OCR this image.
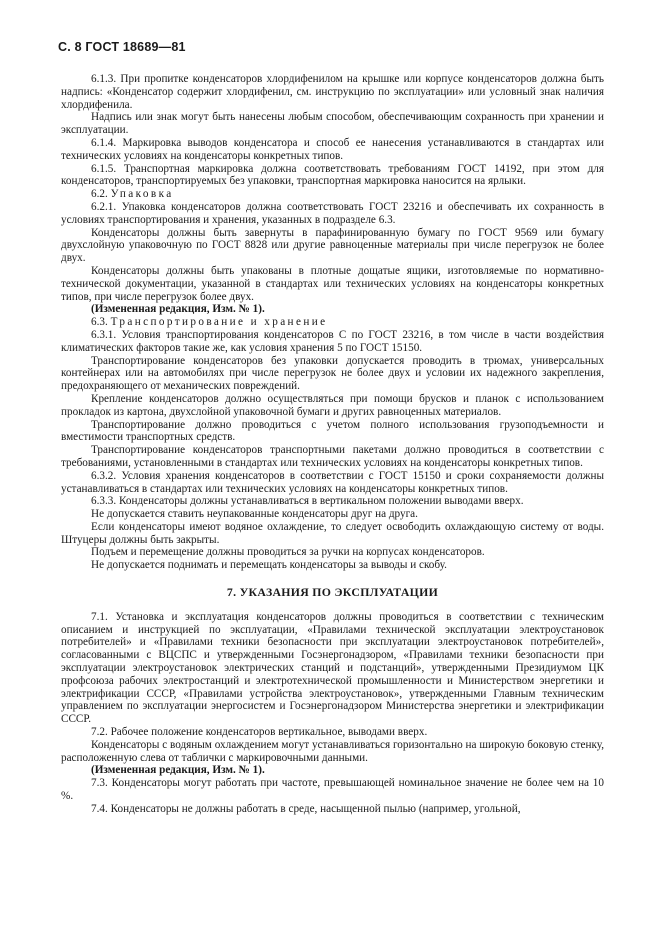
С. 8 ГОСТ 18689—81

6.1.3. При пропитке конденсаторов хлордифенилом на крышке или корпусе конденсаторов должна быть надпись: «Конденсатор содержит хлордифенил, см. инструкцию по эксплуатации» или условный знак наличия хлордифенила.

Надпись или знак могут быть нанесены любым способом, обеспечивающим сохранность при хранении и эксплуатации.

6.1.4. Маркировка выводов конденсатора и способ ее нанесения устанавливаются в стандартах или технических условиях на конденсаторы конкретных типов.

6.1.5. Транспортная маркировка должна соответствовать требованиям ГОСТ 14192, при этом для конденсаторов, транспортируемых без упаковки, транспортная маркировка наносится на ярлыки.

6.2. Упаковка

6.2.1. Упаковка конденсаторов должна соответствовать ГОСТ 23216 и обеспечивать их сохранность в условиях транспортирования и хранения, указанных в подразделе 6.3.

Конденсаторы должны быть завернуты в парафинированную бумагу по ГОСТ 9569 или бумагу двухслойную упаковочную по ГОСТ 8828 или другие равноценные материалы при числе перегрузок не более двух.

Конденсаторы должны быть упакованы в плотные дощатые ящики, изготовляемые по нормативно-технической документации, указанной в стандартах или технических условиях на конденсаторы конкретных типов, при числе перегрузок более двух.

(Измененная редакция, Изм. № 1).

6.3. Транспортирование и хранение

6.3.1. Условия транспортирования конденсаторов С по ГОСТ 23216, в том числе в части воздействия климатических факторов такие же, как условия хранения 5 по ГОСТ 15150.

Транспортирование конденсаторов без упаковки допускается проводить в трюмах, универсальных контейнерах или на автомобилях при числе перегрузок не более двух и условии их надежного закрепления, предохраняющего от механических повреждений.

Крепление конденсаторов должно осуществляться при помощи брусков и планок с использованием прокладок из картона, двухслойной упаковочной бумаги и других равноценных материалов.

Транспортирование должно проводиться с учетом полного использования грузоподъемности и вместимости транспортных средств.

Транспортирование конденсаторов транспортными пакетами должно проводиться в соответствии с требованиями, установленными в стандартах или технических условиях на конденсаторы конкретных типов.

6.3.2. Условия хранения конденсаторов в соответствии с ГОСТ 15150 и сроки сохраняемости должны устанавливаться в стандартах или технических условиях на конденсаторы конкретных типов.

6.3.3. Конденсаторы должны устанавливаться в вертикальном положении выводами вверх.

Не допускается ставить неупакованные конденсаторы друг на друга.

Если конденсаторы имеют водяное охлаждение, то следует освободить охлаждающую систему от воды. Штуцеры должны быть закрыты.

Подъем и перемещение должны проводиться за ручки на корпусах конденсаторов.

Не допускается поднимать и перемещать конденсаторы за выводы и скобу.

7. УКАЗАНИЯ ПО ЭКСПЛУАТАЦИИ

7.1. Установка и эксплуатация конденсаторов должны проводиться в соответствии с техническим описанием и инструкцией по эксплуатации, «Правилами технической эксплуатации электроустановок потребителей» и «Правилами техники безопасности при эксплуатации электроустановок потребителей», согласованными с ВЦСПС и утвержденными Госэнергонадзором, «Правилами техники безопасности при эксплуатации электроустановок электрических станций и подстанций», утвержденными Президиумом ЦК профсоюза рабочих электростанций и электротехнической промышленности и Министерством энергетики и электрификации СССР, «Правилами устройства электроустановок», утвержденными Главным техническим управлением по эксплуатации энергосистем и Госэнергонадзором Министерства энергетики и электрификации СССР.

7.2. Рабочее положение конденсаторов вертикальное, выводами вверх.

Конденсаторы с водяным охлаждением могут устанавливаться горизонтально на широкую боковую стенку, расположенную слева от таблички с маркировочными данными.

(Измененная редакция, Изм. № 1).

7.3. Конденсаторы могут работать при частоте, превышающей номинальное значение не более чем на 10 %.

7.4. Конденсаторы не должны работать в среде, насыщенной пылью (например, угольной,
